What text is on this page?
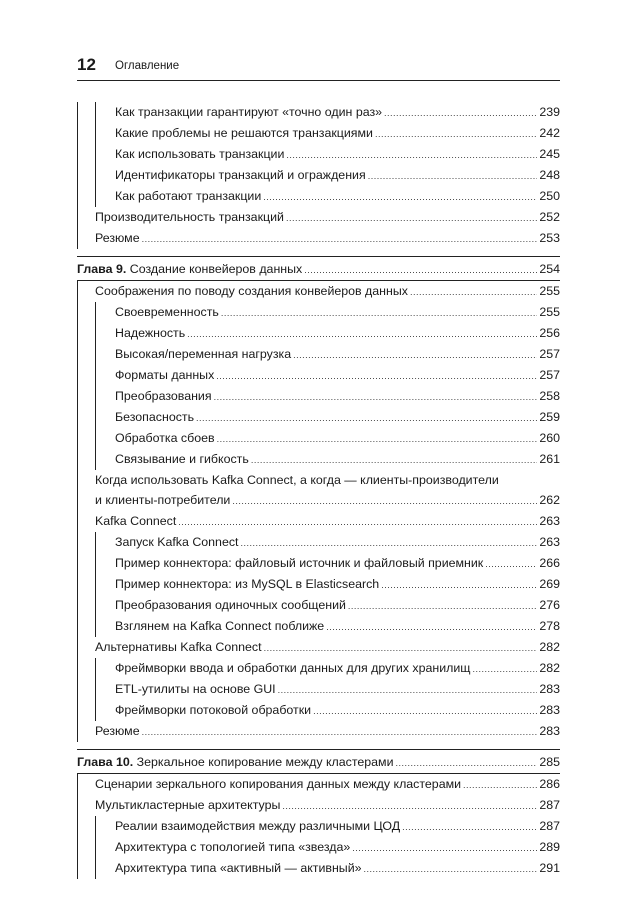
12 Оглавление
Как транзакции гарантируют «точно один раз» .....	239
Какие проблемы не решаются транзакциями .....	242
Как использовать транзакции .....	245
Идентификаторы транзакций и ограждения .....	248
Как работают транзакции .....	250
Производительность транзакций .....	252
Резюме .....	253
Глава 9. Создание конвейеров данных .....	254
Соображения по поводу создания конвейеров данных .....	255
Своевременность .....	255
Надежность .....	256
Высокая/переменная нагрузка .....	257
Форматы данных .....	257
Преобразования .....	258
Безопасность .....	259
Обработка сбоев .....	260
Связывание и гибкость .....	261
Когда использовать Kafka Connect, а когда — клиенты-производители
и клиенты-потребители .....	262
Kafka Connect .....	263
Запуск Kafka Connect .....	263
Пример коннектора: файловый источник и файловый приемник .....	266
Пример коннектора: из MySQL в Elasticsearch .....	269
Преобразования одиночных сообщений .....	276
Взглянем на Kafka Connect поближе .....	278
Альтернативы Kafka Connect .....	282
Фреймворки ввода и обработки данных для других хранилищ .....	282
ETL-утилиты на основе GUI .....	283
Фреймворки потоковой обработки .....	283
Резюме .....	283
Глава 10. Зеркальное копирование между кластерами .....	285
Сценарии зеркального копирования данных между кластерами .....	286
Мультикластерные архитектуры .....	287
Реалии взаимодействия между различными ЦОД .....	287
Архитектура с топологией типа «звезда» .....	289
Архитектура типа «активный — активный» .....	291
